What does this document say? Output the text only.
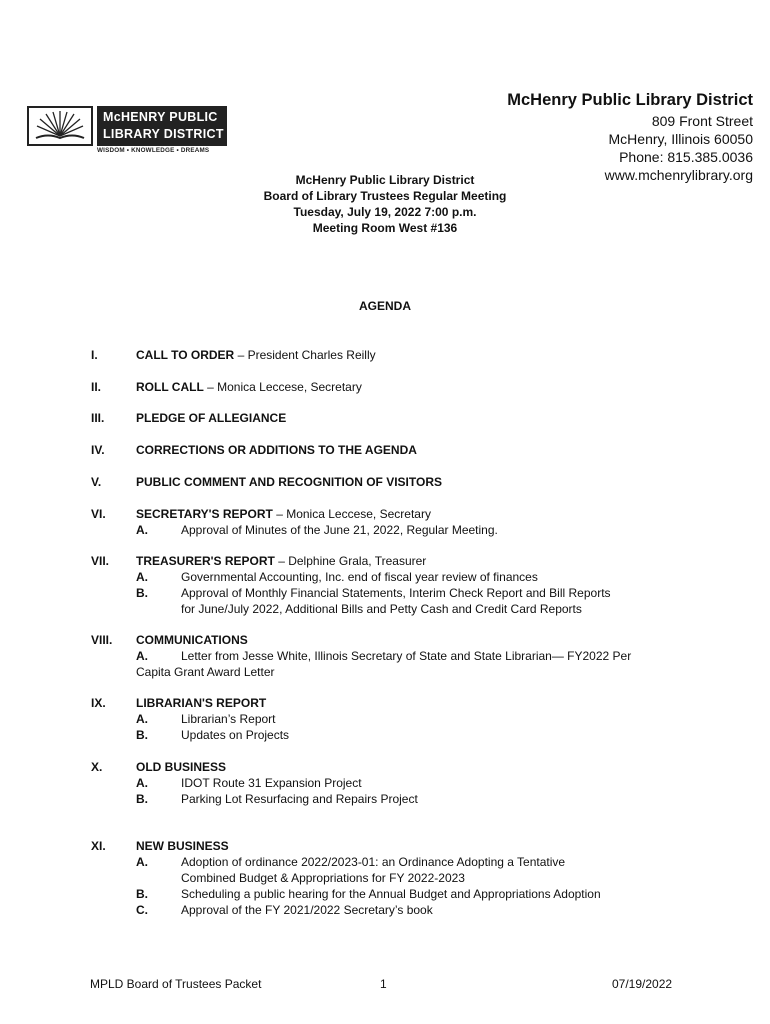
McHENRY PUBLIC
LIBRARY DISTRICT
WISDOM • KNOWLEDGE • DREAMS
McHenry Public Library District
809 Front Street
McHenry, Illinois 60050
Phone: 815.385.0036
www.mchenrylibrary.org
McHenry Public Library District
Board of Library Trustees Regular Meeting
Tuesday, July 19, 2022 7:00 p.m.
Meeting Room West #136
AGENDA
I.	CALL TO ORDER – President Charles Reilly
II.	ROLL CALL – Monica Leccese, Secretary
III.	PLEDGE OF ALLEGIANCE
IV.	CORRECTIONS OR ADDITIONS TO THE AGENDA
V.	PUBLIC COMMENT AND RECOGNITION OF VISITORS
VI.	SECRETARY'S REPORT – Monica Leccese, Secretary
A.	Approval of Minutes of the June 21, 2022, Regular Meeting.
VII. TREASURER'S REPORT – Delphine Grala, Treasurer
A.	Governmental Accounting, Inc. end of fiscal year review of finances
B.	Approval of Monthly Financial Statements, Interim Check Report and Bill Reports
for June/July 2022, Additional Bills and Petty Cash and Credit Card Reports
VIII. COMMUNICATIONS
A.	Letter from Jesse White, Illinois Secretary of State and State Librarian— FY2022 Per
Capita Grant Award Letter
IX.	LIBRARIAN'S REPORT
A.	Librarian’s Report
B.	Updates on Projects
X.	OLD BUSINESS
A.	IDOT Route 31 Expansion Project
B.	Parking Lot Resurfacing and Repairs Project
XI.	NEW BUSINESS
A.	Adoption of ordinance 2022/2023-01: an Ordinance Adopting a Tentative
Combined Budget & Appropriations for FY 2022-2023
B.	Scheduling a public hearing for the Annual Budget and Appropriations Adoption
C.	Approval of the FY 2021/2022 Secretary’s book
MPLD Board of Trustees Packet	1	07/19/2022
